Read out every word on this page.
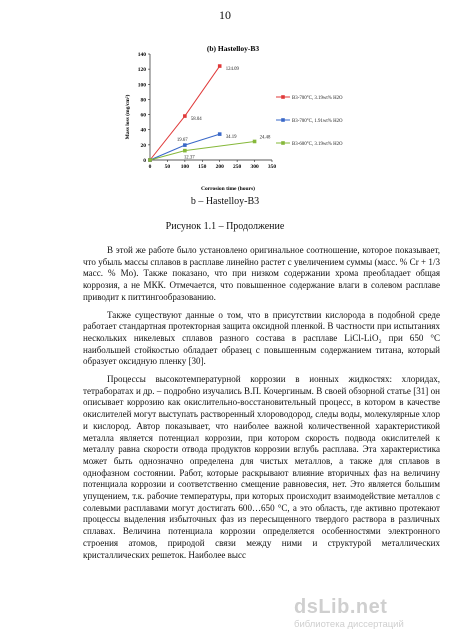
10
(b) Hastelloy-B3
Mass loss (mg/cm²)
Corrosion time (hours)
0
20
40
60
80
100
120
140
0 50 100 150 200 250 300 350
58.04
124.09
19.67
34.19
12.37
24.48
B3-700°C, 3.19wt% H2O
B3-700°C, 1.91wt% H2O
B3-600°C, 3.19wt% H2O
b – Hastelloy-B3
Рисунок 1.1 – Продолжение

В этой же работе было установлено оригинальное соотношение, которое показывает, что убыль массы сплавов в расплаве линейно растет с увеличением суммы (масс. % Cr + 1/3 масс. % Mo). Также показано, что при низком содержании хрома преобладает общая коррозия, а не МКК. Отмечается, что повышенное содержание влаги в солевом расплаве приводит к питтингообразованию.

Также существуют данные о том, что в присутствии кислорода в подобной среде работает стандартная протекторная защита оксидной пленкой. В частности при испытаниях нескольких никелевых сплавов разного состава в расплаве LiCl-LiO₂ при 650 °C наибольшей стойкостью обладает образец с повышенным содержанием титана, который образует оксидную пленку [30].

Процессы высокотемпературной коррозии в ионных жидкостях: хлоридах, тетраборатах и др. – подробно изучались В.П. Кочергиным. В своей обзорной статье [31] он описывает коррозию как окислительно-восстановительный процесс, в котором в качестве окислителей могут выступать растворенный хлороводород, следы воды, молекулярные хлор и кислород. Автор показывает, что наиболее важной количественной характеристикой металла является потенциал коррозии, при котором скорость подвода окислителей к металлу равна скорости отвода продуктов коррозии вглубь расплава. Эта характеристика может быть однозначно определена для чистых металлов, а также для сплавов в однофазном состоянии. Работ, которые раскрывают влияние вторичных фаз на величину потенциала коррозии и соответственно смещение равновесия, нет. Это является большим упущением, т.к. рабочие температуры, при которых происходит взаимодействие металлов с солевыми расплавами могут достигать 600…650 °C, а это область, где активно протекают процессы выделения избыточных фаз из пересыщенного твердого раствора в различных сплавах. Величина потенциала коррозии определяется особенностями электронного строения атомов, природой связи между ними и структурой металлических кристаллических решеток. Наиболее высс

dsLib.net
библиотека диссертаций
